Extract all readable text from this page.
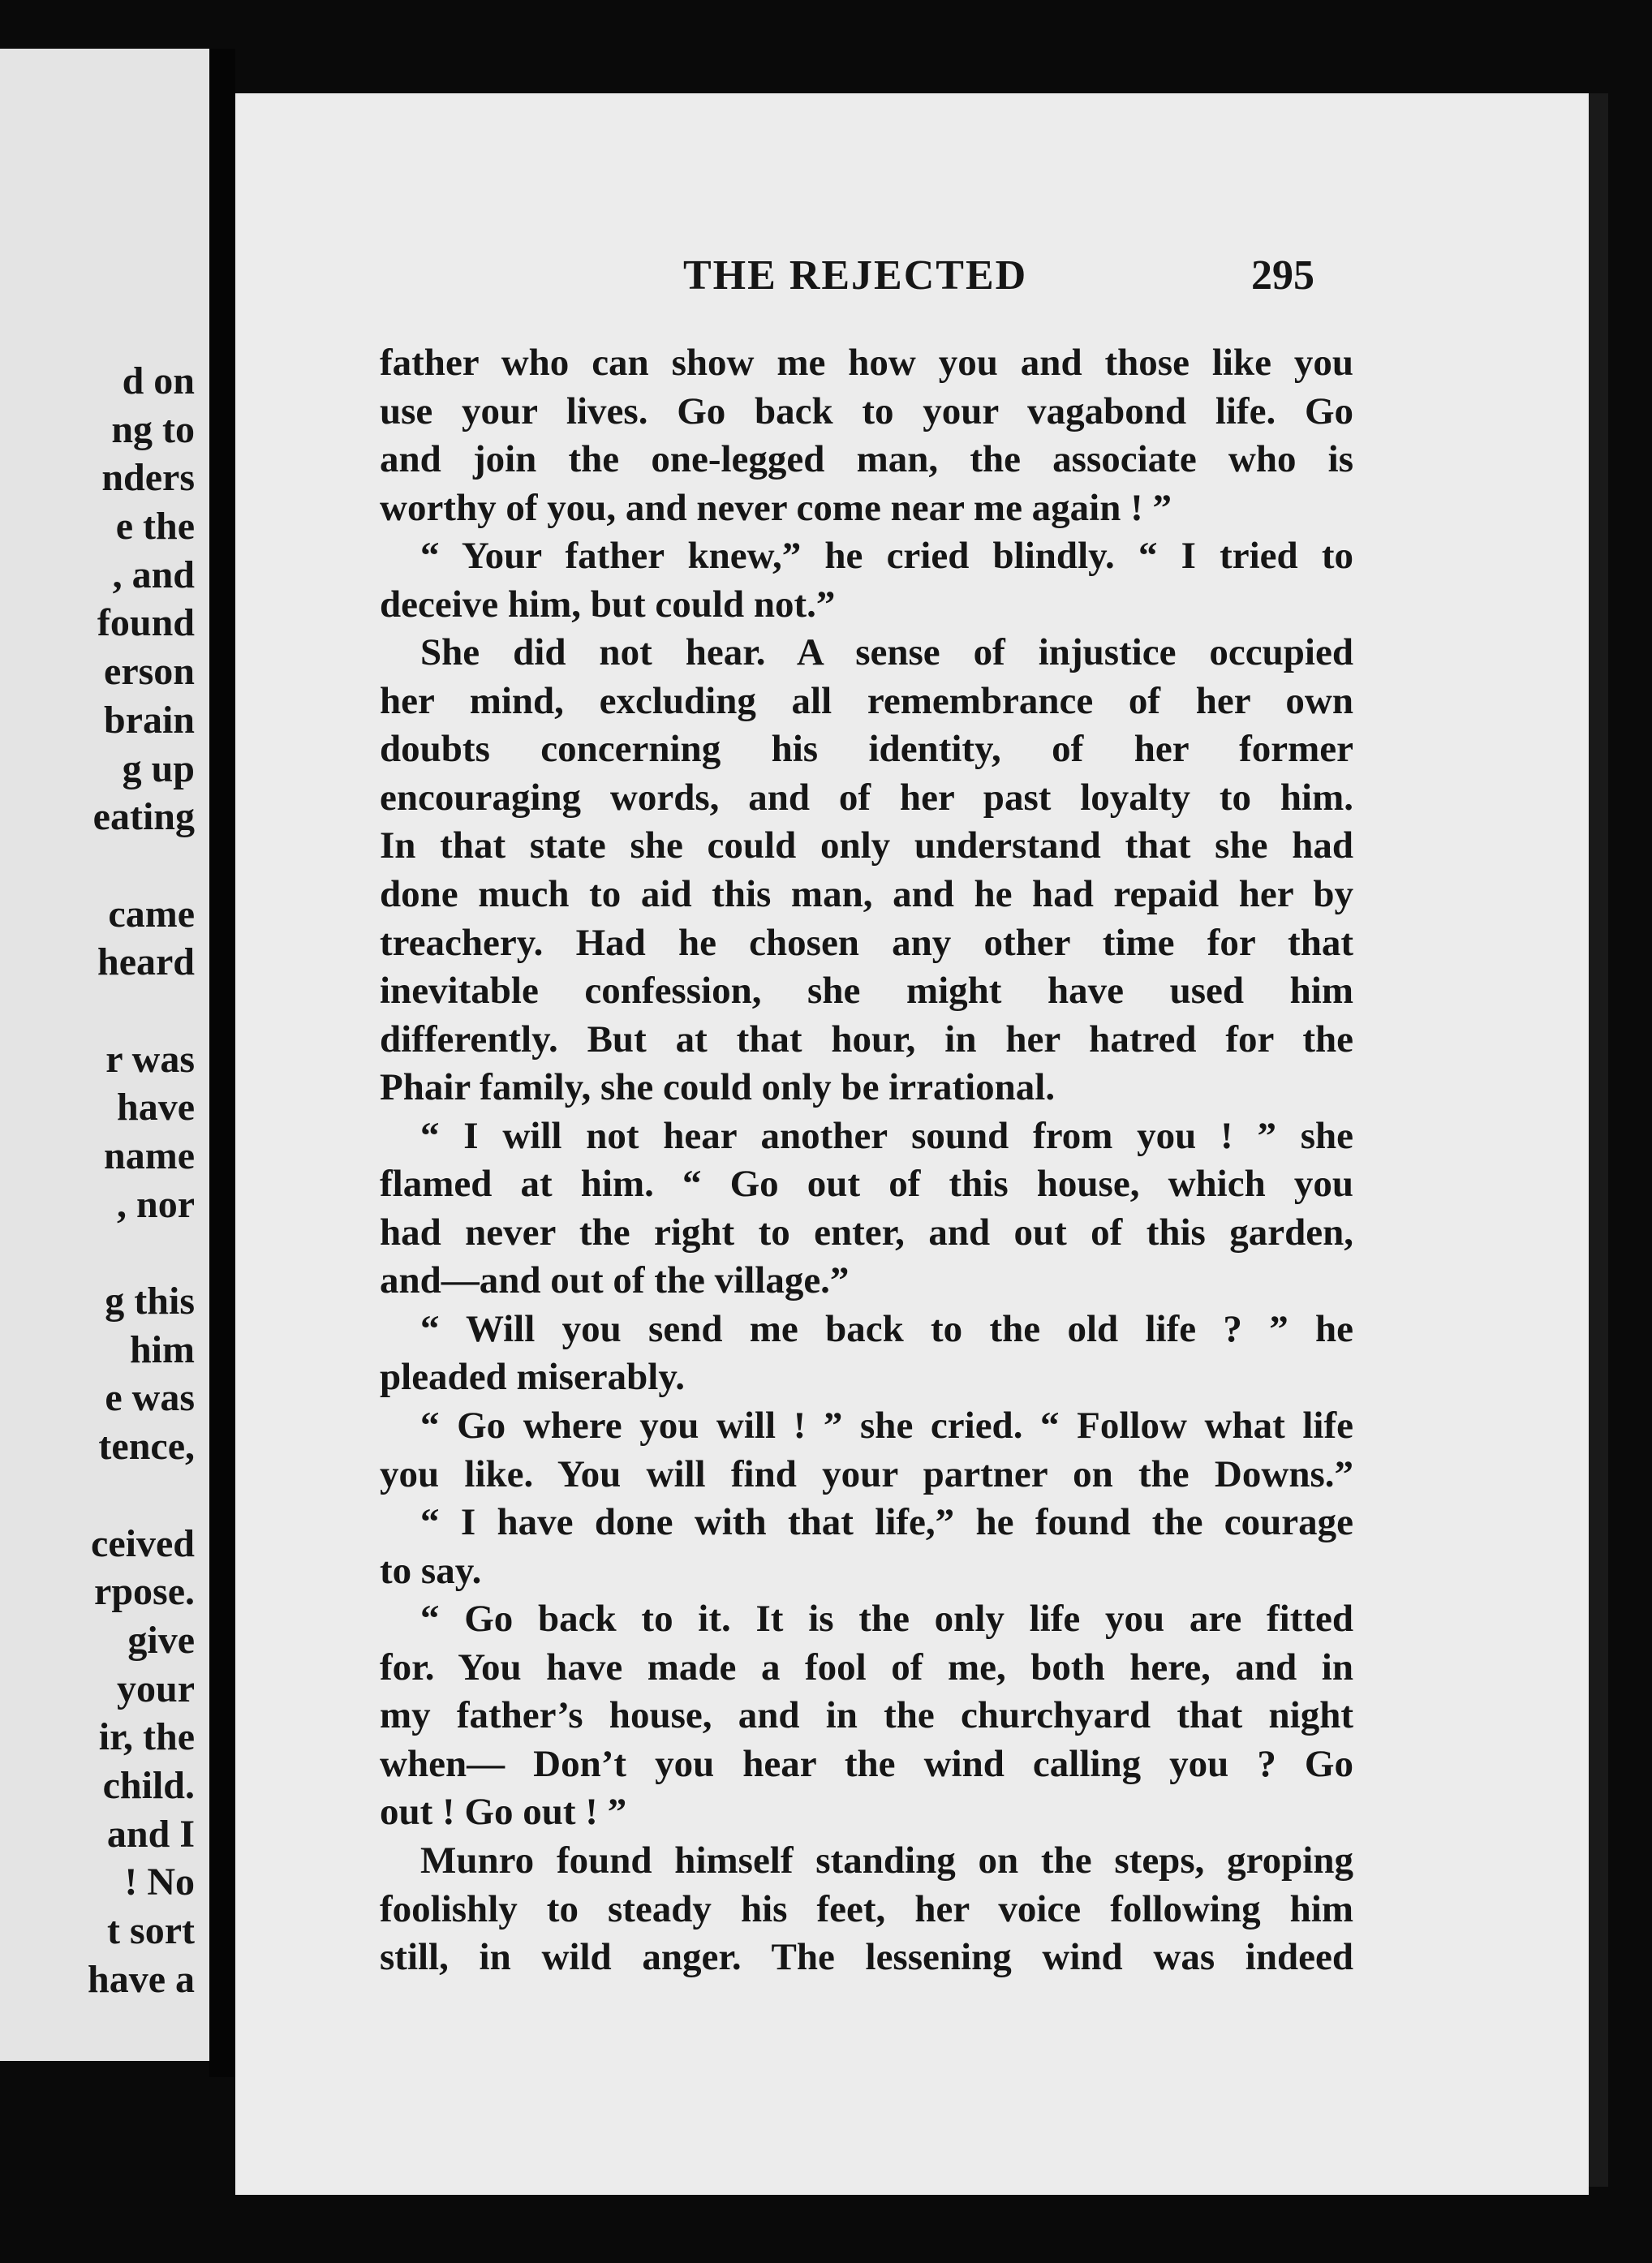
d on
ng to
nders
e the
, and
found
erson
brain
g up
eating
came
heard
r was
have
name
, nor
g this
him
e was
tence,
ceived
rpose.
give
your
ir, the
child.
and I
! No
t sort
have a
THE REJECTED	295
father who can show me how you and those like you
use your lives. Go back to your vagabond life. Go
and join the one-legged man, the associate who is
worthy of you, and never come near me again ! ”
“ Your father knew,” he cried blindly. “ I tried to
deceive him, but could not.”
She did not hear. A sense of injustice occupied
her mind, excluding all remembrance of her own
doubts concerning his identity, of her former
encouraging words, and of her past loyalty to him.
In that state she could only understand that she had
done much to aid this man, and he had repaid her by
treachery. Had he chosen any other time for that
inevitable confession, she might have used him
differently. But at that hour, in her hatred for the
Phair family, she could only be irrational.
“ I will not hear another sound from you ! ” she
flamed at him. “ Go out of this house, which you
had never the right to enter, and out of this garden,
and—and out of the village.”
“ Will you send me back to the old life ? ” he
pleaded miserably.
“ Go where you will ! ” she cried. “ Follow what life
you like. You will find your partner on the Downs.”
“ I have done with that life,” he found the courage
to say.
“ Go back to it. It is the only life you are fitted
for. You have made a fool of me, both here, and in
my father’s house, and in the churchyard that night
when— Don’t you hear the wind calling you ? Go
out ! Go out ! ”
Munro found himself standing on the steps, groping
foolishly to steady his feet, her voice following him
still, in wild anger. The lessening wind was indeed
